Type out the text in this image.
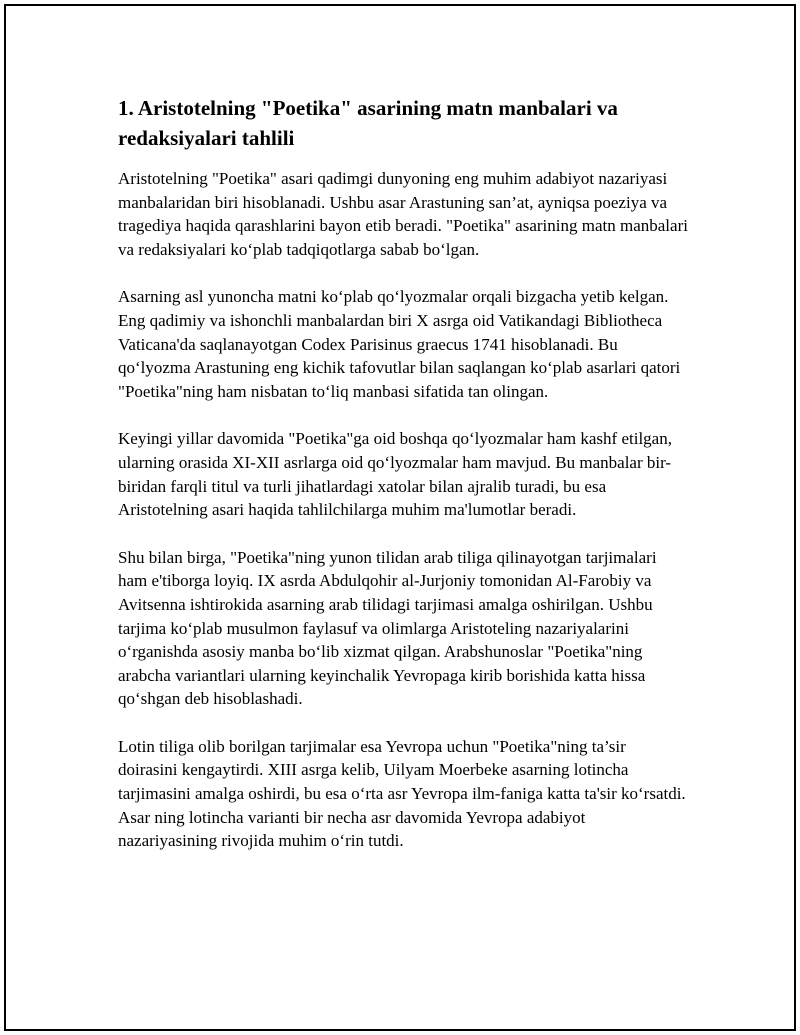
1. Aristotelning "Poetika" asarining matn manbalari va redaksiyalari tahlili

Aristotelning "Poetika" asari qadimgi dunyoning eng muhim adabiyot nazariyasi manbalaridan biri hisoblanadi. Ushbu asar Arastuning san’at, ayniqsa poeziya va tragediya haqida qarashlarini bayon etib beradi. "Poetika" asarining matn manbalari va redaksiyalari ko‘plab tadqiqotlarga sabab bo‘lgan.

Asarning asl yunoncha matni ko‘plab qo‘lyozmalar orqali bizgacha yetib kelgan. Eng qadimiy va ishonchli manbalardan biri X asrga oid Vatikandagi Bibliotheca Vaticana'da saqlanayotgan Codex Parisinus graecus 1741 hisoblanadi. Bu qo‘lyozma Arastuning eng kichik tafovutlar bilan saqlangan ko‘plab asarlari qatori "Poetika"ning ham nisbatan to‘liq manbasi sifatida tan olingan.

Keyingi yillar davomida "Poetika"ga oid boshqa qo‘lyozmalar ham kashf etilgan, ularning orasida XI-XII asrlarga oid qo‘lyozmalar ham mavjud. Bu manbalar bir-biridan farqli titul va turli jihatlardagi xatolar bilan ajralib turadi, bu esa Aristotelning asari haqida tahlilchilarga muhim ma'lumotlar beradi.

Shu bilan birga, "Poetika"ning yunon tilidan arab tiliga qilinayotgan tarjimalari ham e'tiborga loyiq. IX asrda Abdulqohir al-Jurjoniy tomonidan Al-Farobiy va Avitsenna ishtirokida asarning arab tilidagi tarjimasi amalga oshirilgan. Ushbu tarjima ko‘plab musulmon faylasuf va olimlarga Aristoteling nazariyalarini o‘rganishda asosiy manba bo‘lib xizmat qilgan. Arabshunoslar "Poetika"ning arabcha variantlari ularning keyinchalik Yevropaga kirib borishida katta hissa qo‘shgan deb hisoblashadi.

Lotin tiliga olib borilgan tarjimalar esa Yevropa uchun "Poetika"ning ta’sir doirasini kengaytirdi. XIII asrga kelib, Uilyam Moerbeke asarning lotincha tarjimasini amalga oshirdi, bu esa o‘rta asr Yevropa ilm-faniga katta ta'sir ko‘rsatdi. Asar ning lotincha varianti bir necha asr davomida Yevropa adabiyot nazariyasining rivojida muhim o‘rin tutdi.
